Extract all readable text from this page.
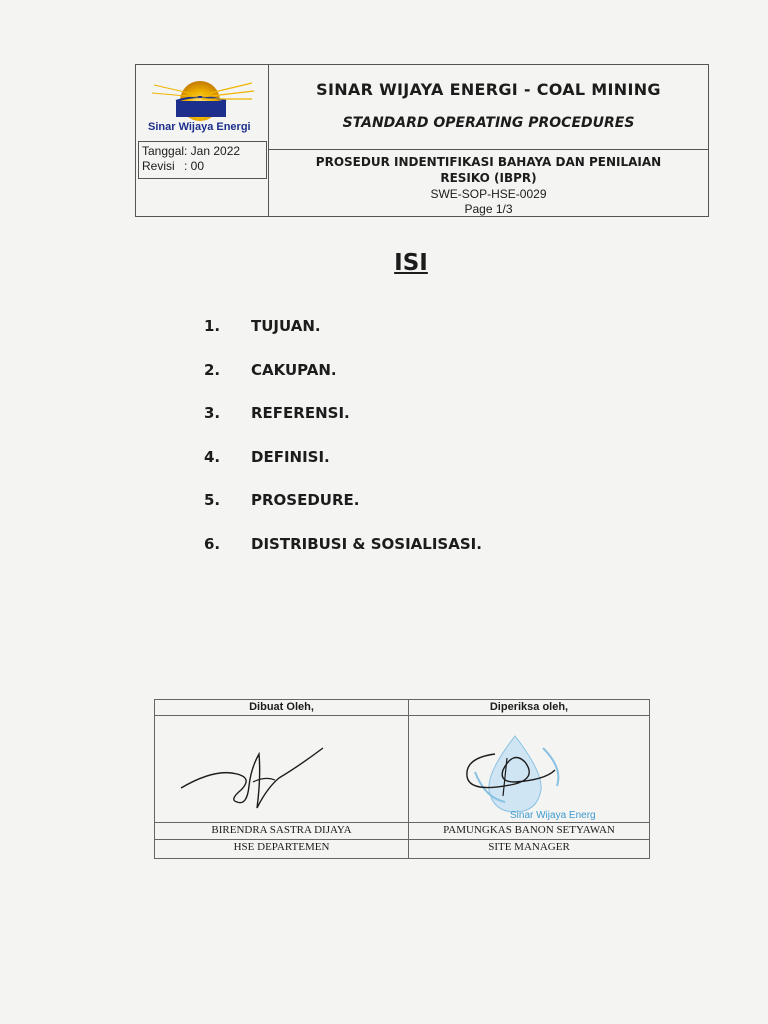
Sinar Wijaya Energi
Tanggal: Jan 2022
Revisi : 00
SINAR WIJAYA ENERGI - COAL MINING
STANDARD OPERATING PROCEDURES
PROSEDUR INDENTIFIKASI BAHAYA DAN PENILAIAN
RESIKO (IBPR)
SWE-SOP-HSE-0029
Page 1/3
ISI
1.	TUJUAN.
2.	CAKUPAN.
3.	REFERENSI.
4.	DEFINISI.
5.	PROSEDURE.
6.	DISTRIBUSI & SOSIALISASI.
Dibuat Oleh,	Diperiksa oleh,
Sinar Wijaya Energ
BIRENDRA SASTRA DIJAYA	PAMUNGKAS BANON SETYAWAN
HSE DEPARTEMEN	SITE MANAGER
